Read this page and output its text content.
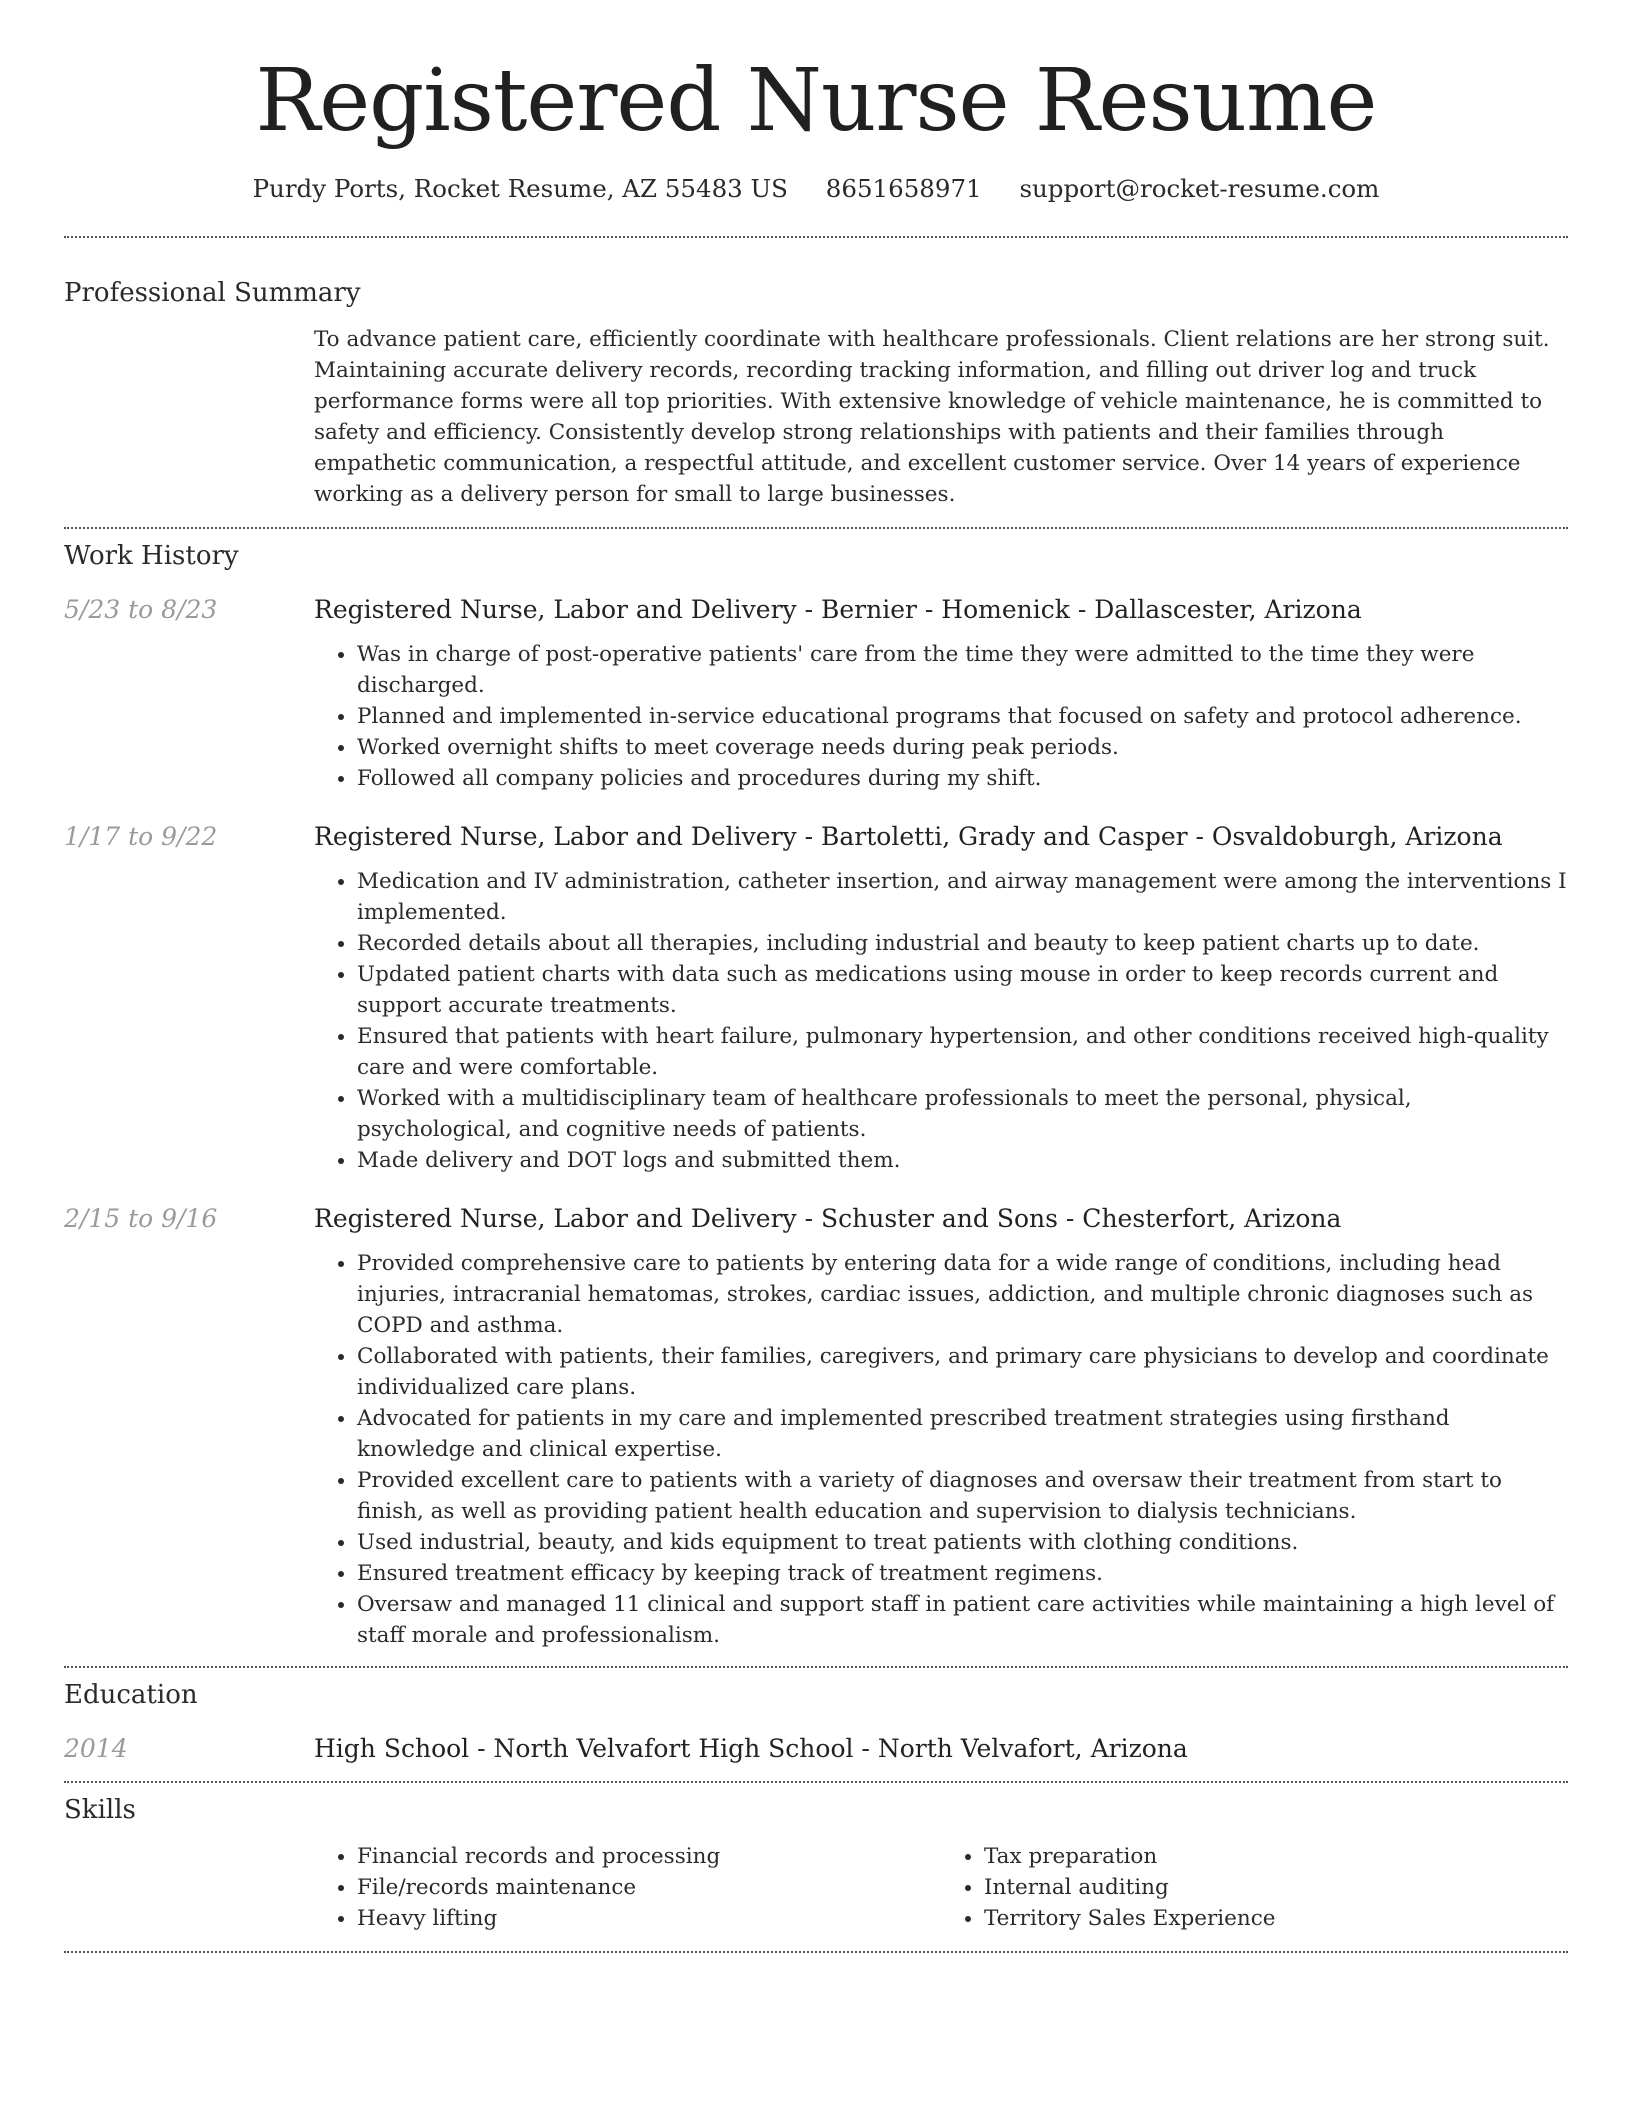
Registered Nurse Resume
Purdy Ports, Rocket Resume, AZ 55483 US 8651658971 support@rocket-resume.com
Professional Summary
To advance patient care, efficiently coordinate with healthcare professionals. Client relations are her strong suit. Maintaining accurate delivery records, recording tracking information, and filling out driver log and truck performance forms were all top priorities. With extensive knowledge of vehicle maintenance, he is committed to safety and efficiency. Consistently develop strong relationships with patients and their families through empathetic communication, a respectful attitude, and excellent customer service. Over 14 years of experience working as a delivery person for small to large businesses.
Work History
5/23 to 8/23	Registered Nurse, Labor and Delivery - Bernier - Homenick - Dallascester, Arizona
• Was in charge of post-operative patients' care from the time they were admitted to the time they were discharged.
• Planned and implemented in-service educational programs that focused on safety and protocol adherence.
• Worked overnight shifts to meet coverage needs during peak periods.
• Followed all company policies and procedures during my shift.
1/17 to 9/22	Registered Nurse, Labor and Delivery - Bartoletti, Grady and Casper - Osvaldoburgh, Arizona
• Medication and IV administration, catheter insertion, and airway management were among the interventions I implemented.
• Recorded details about all therapies, including industrial and beauty to keep patient charts up to date.
• Updated patient charts with data such as medications using mouse in order to keep records current and support accurate treatments.
• Ensured that patients with heart failure, pulmonary hypertension, and other conditions received high-quality care and were comfortable.
• Worked with a multidisciplinary team of healthcare professionals to meet the personal, physical, psychological, and cognitive needs of patients.
• Made delivery and DOT logs and submitted them.
2/15 to 9/16	Registered Nurse, Labor and Delivery - Schuster and Sons - Chesterfort, Arizona
• Provided comprehensive care to patients by entering data for a wide range of conditions, including head injuries, intracranial hematomas, strokes, cardiac issues, addiction, and multiple chronic diagnoses such as COPD and asthma.
• Collaborated with patients, their families, caregivers, and primary care physicians to develop and coordinate individualized care plans.
• Advocated for patients in my care and implemented prescribed treatment strategies using firsthand knowledge and clinical expertise.
• Provided excellent care to patients with a variety of diagnoses and oversaw their treatment from start to finish, as well as providing patient health education and supervision to dialysis technicians.
• Used industrial, beauty, and kids equipment to treat patients with clothing conditions.
• Ensured treatment efficacy by keeping track of treatment regimens.
• Oversaw and managed 11 clinical and support staff in patient care activities while maintaining a high level of staff morale and professionalism.
Education
2014	High School - North Velvafort High School - North Velvafort, Arizona
Skills
• Financial records and processing
• File/records maintenance
• Heavy lifting
• Tax preparation
• Internal auditing
• Territory Sales Experience
